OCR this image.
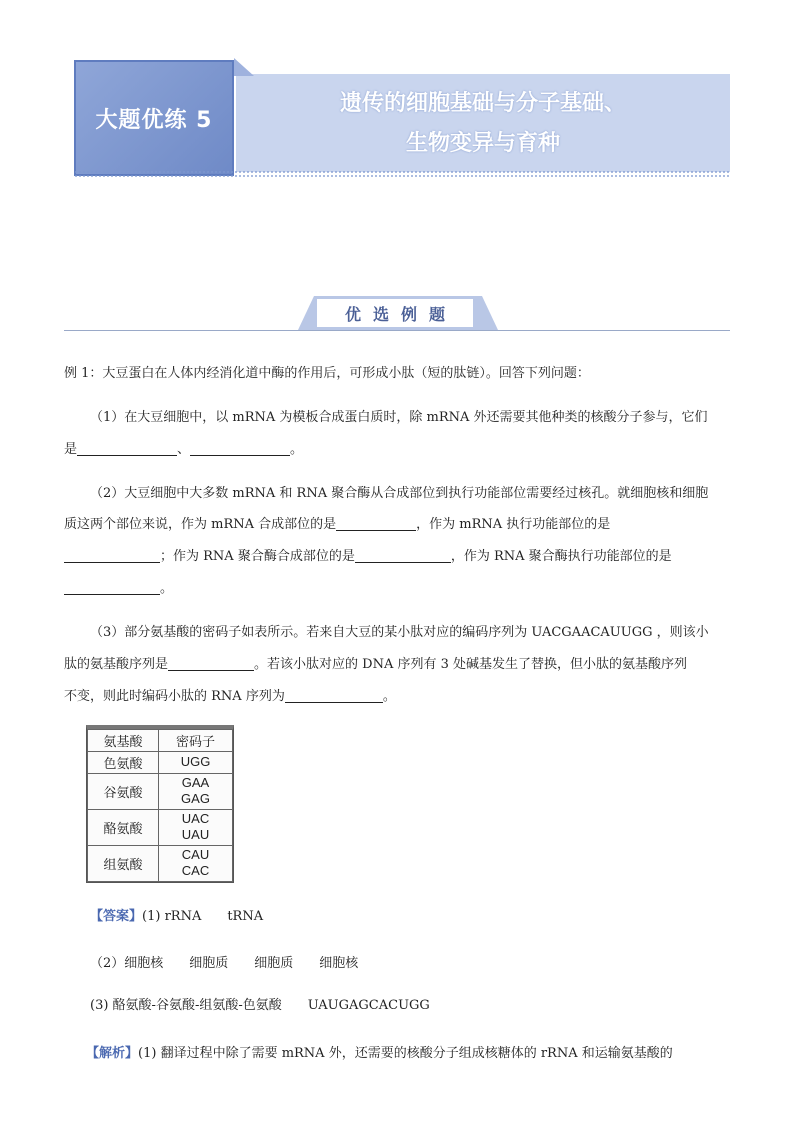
大题优练 5
遗传的细胞基础与分子基础、
生物变异与育种
优选例题
例 1：大豆蛋白在人体内经消化道中酶的作用后，可形成小肽（短的肽链）。回答下列问题：
（1）在大豆细胞中，以 mRNA 为模板合成蛋白质时，除 mRNA 外还需要其他种类的核酸分子参与，它们
是	、	。
（2）大豆细胞中大多数 mRNA 和 RNA 聚合酶从合成部位到执行功能部位需要经过核孔。就细胞核和细胞
质这两个部位来说，作为 mRNA 合成部位的是	，作为 mRNA 执行功能部位的是
；作为 RNA 聚合酶合成部位的是	，作为 RNA 聚合酶执行功能部位的是
。
（3）部分氨基酸的密码子如表所示。若来自大豆的某小肽对应的编码序列为 UACGAACAUUGG ，则该小
肽的氨基酸序列是	。若该小肽对应的 DNA 序列有 3 处碱基发生了替换，但小肽的氨基酸序列
不变，则此时编码小肽的 RNA 序列为	。
氨基酸	密码子
色氨酸	UGG

谷氨酸	GAA
GAG

酪氨酸	UAC
UAU

组氨酸	CAU
CAC
【答案】(1) rRNA　　tRNA
（2）细胞核　　细胞质　　细胞质　　细胞核
(3) 酪氨酸-谷氨酸-组氨酸-色氨酸　　UAUGAGCACUGG
【解析】(1) 翻译过程中除了需要 mRNA 外，还需要的核酸分子组成核糖体的 rRNA 和运输氨基酸的
